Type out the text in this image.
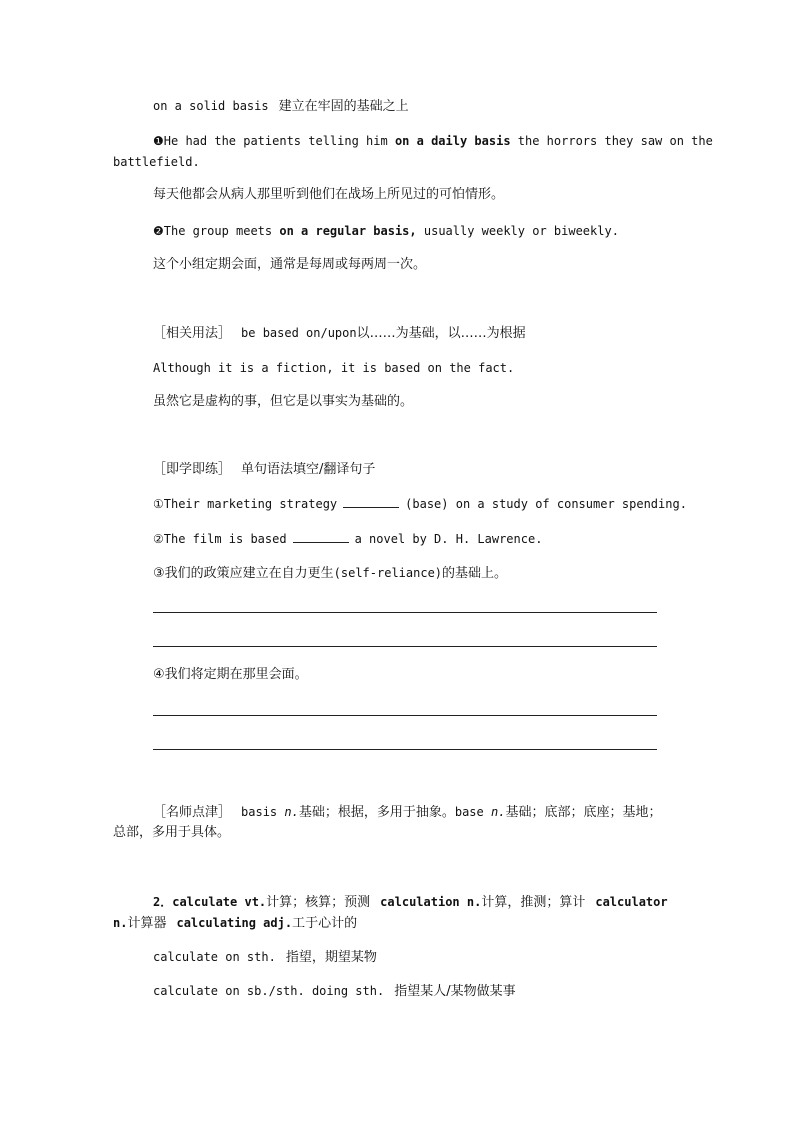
on a solid basis 建立在牢固的基础之上
❶He had the patients telling him on a daily basis the horrors they saw on the
battlefield.
每天他都会从病人那里听到他们在战场上所见过的可怕情形。
❷The group meets on a regular basis, usually weekly or biweekly.
这个小组定期会面，通常是每周或每两周一次。
［相关用法］ be based on/upon以……为基础，以……为根据
Although it is a fiction, it is based on the fact.
虽然它是虚构的事，但它是以事实为基础的。
［即学即练］ 单句语法填空/翻译句子
①Their marketing strategy	(base) on a study of consumer spending.
②The film is based	a novel by D. H. Lawrence.
③我们的政策应建立在自力更生(self-reliance)的基础上。
④我们将定期在那里会面。
［名师点津］ basis n.基础；根据，多用于抽象。base n.基础；底部；底座；基地；
总部，多用于具体。
2．calculate vt.计算；核算；预测 calculation n.计算，推测；算计 calculator
n.计算器 calculating adj.工于心计的
calculate on sth. 指望，期望某物
calculate on sb./sth. doing sth. 指望某人/某物做某事
